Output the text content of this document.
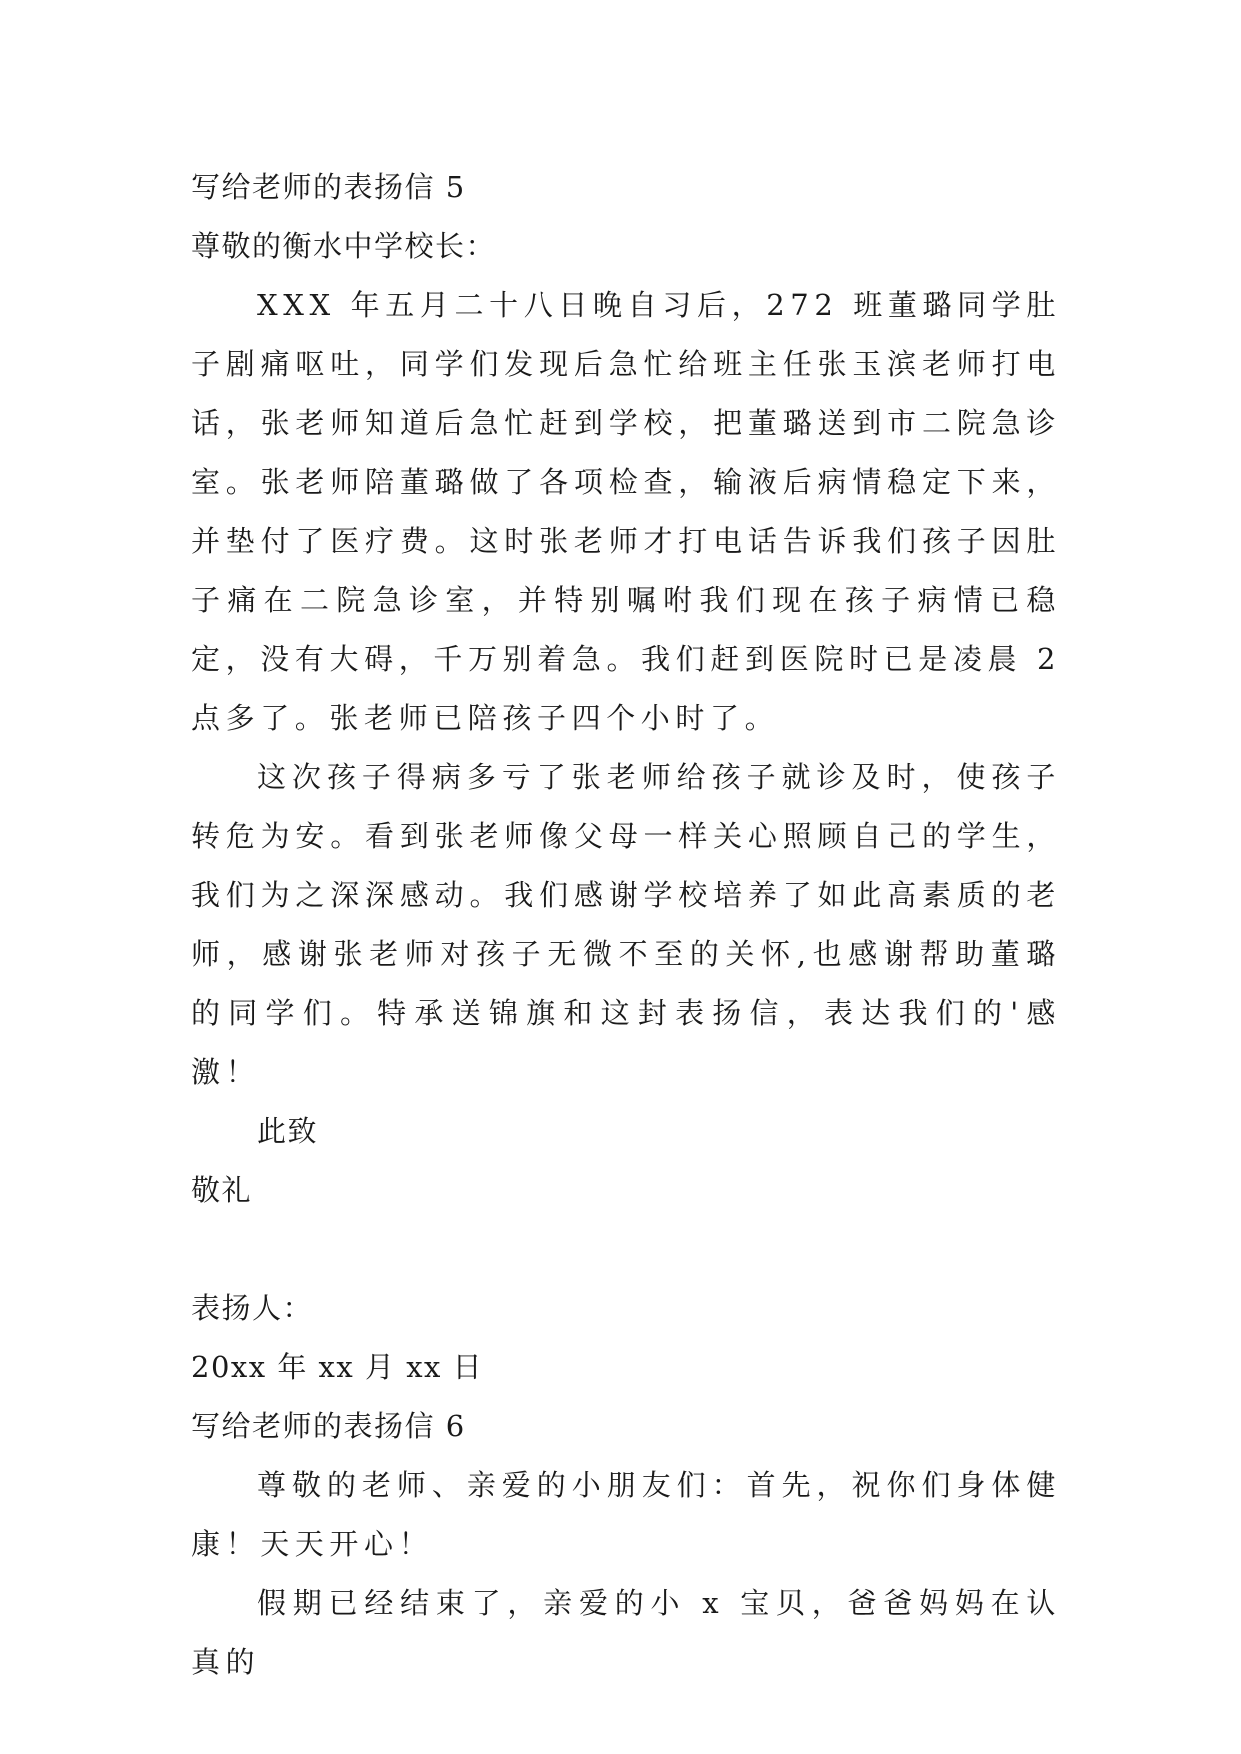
写给老师的表扬信 5
尊敬的衡水中学校长：

XXX 年五月二十八日晚自习后，272 班董璐同学肚子剧痛呕吐，同学们发现后急忙给班主任张玉滨老师打电话，张老师知道后急忙赶到学校，把董璐送到市二院急诊室。张老师陪董璐做了各项检查，输液后病情稳定下来，并垫付了医疗费。这时张老师才打电话告诉我们孩子因肚子痛在二院急诊室，并特别嘱咐我们现在孩子病情已稳定，没有大碍，千万别着急。我们赶到医院时已是凌晨 2 点多了。张老师已陪孩子四个小时了。

这次孩子得病多亏了张老师给孩子就诊及时，使孩子转危为安。看到张老师像父母一样关心照顾自己的学生，我们为之深深感动。我们感谢学校培养了如此高素质的老师，感谢张老师对孩子无微不至的关怀,也感谢帮助董璐的同学们。特承送锦旗和这封表扬信，表达我们的'感激！

此致
敬礼
表扬人：
20xx 年 xx 月 xx 日
写给老师的表扬信 6

尊敬的老师、亲爱的小朋友们：首先，祝你们身体健康！天天开心！

假期已经结束了，亲爱的小 x 宝贝，爸爸妈妈在认真的
